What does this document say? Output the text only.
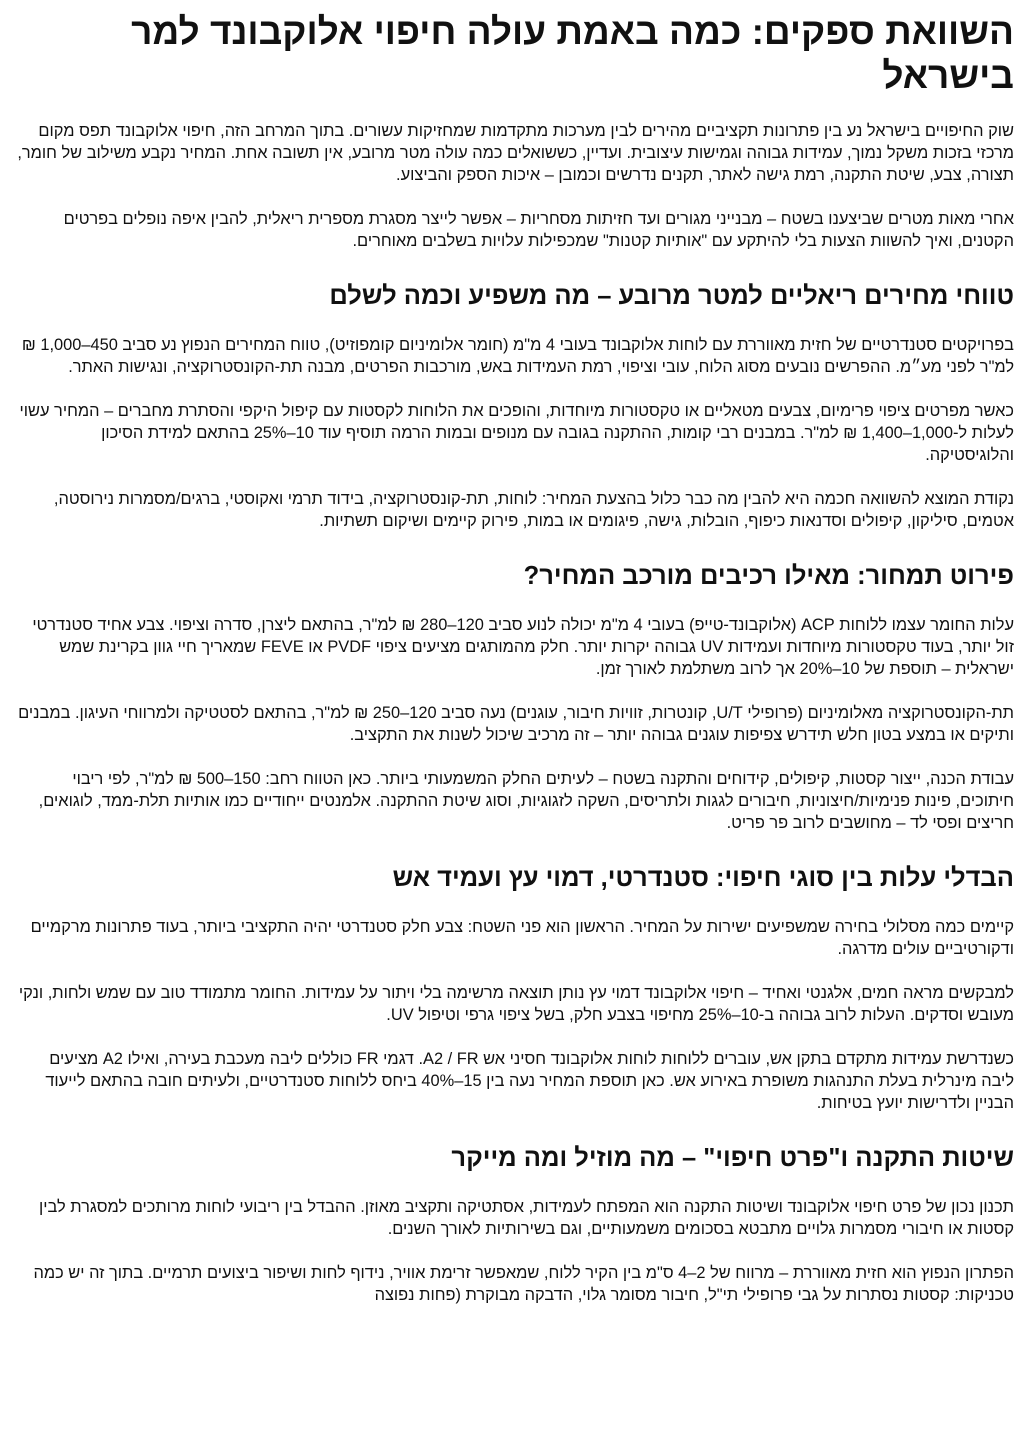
השוואת ספקים: כמה באמת עולה חיפוי אלוקבונד למר בישראל

שוק החיפויים בישראל נע בין פתרונות תקציביים מהירים לבין מערכות מתקדמות שמחזיקות עשורים. בתוך המרחב הזה, חיפוי אלוקבונד תפס מקום מרכזי בזכות משקל נמוך, עמידות גבוהה וגמישות עיצובית. ועדיין, כששואלים כמה עולה מטר מרובע, אין תשובה אחת. המחיר נקבע משילוב של חומר, תצורה, צבע, שיטת התקנה, רמת גישה לאתר, תקנים נדרשים וכמובן – איכות הספק והביצוע.

אחרי מאות מטרים שביצענו בשטח – מבנייני מגורים ועד חזיתות מסחריות – אפשר לייצר מסגרת מספרית ריאלית, להבין איפה נופלים בפרטים הקטנים, ואיך להשוות הצעות בלי להיתקע עם "אותיות קטנות" שמכפילות עלויות בשלבים מאוחרים.

טווחי מחירים ריאליים למטר מרובע – מה משפיע וכמה לשלם

בפרויקטים סטנדרטיים של חזית מאווררת עם לוחות אלוקבונד בעובי 4 מ"מ (חומר אלומיניום קומפוזיט), טווח המחירים הנפוץ נע סביב 450–1,000 ₪ למ"ר לפני מע״מ. ההפרשים נובעים מסוג הלוח, עובי וציפוי, רמת העמידות באש, מורכבות הפרטים, מבנה תת-הקונסטרוקציה, ונגישות האתר.

כאשר מפרטים ציפוי פרימיום, צבעים מטאליים או טקסטורות מיוחדות, והופכים את הלוחות לקסטות עם קיפול היקפי והסתרת מחברים – המחיר עשוי לעלות ל-1,000–1,400 ₪ למ"ר. במבנים רבי קומות, ההתקנה בגובה עם מנופים ובמות הרמה תוסיף עוד 10–25% בהתאם למידת הסיכון והלוגיסטיקה.

נקודת המוצא להשוואה חכמה היא להבין מה כבר כלול בהצעת המחיר: לוחות, תת-קונסטרוקציה, בידוד תרמי ואקוסטי, ברגים/מסמרות נירוסטה, אטמים, סיליקון, קיפולים וסדנאות כיפוף, הובלות, גישה, פיגומים או במות, פירוק קיימים ושיקום תשתיות.

פירוט תמחור: מאילו רכיבים מורכב המחיר?

עלות החומר עצמו ללוחות ACP (אלוקבונד-טייפ) בעובי 4 מ"מ יכולה לנוע סביב 120–280 ₪ למ"ר, בהתאם ליצרן, סדרה וציפוי. צבע אחיד סטנדרטי זול יותר, בעוד טקסטורות מיוחדות ועמידות UV גבוהה יקרות יותר. חלק מהמותגים מציעים ציפוי PVDF או FEVE שמאריך חיי גוון בקרינת שמש ישראלית – תוספת של 10–20% אך לרוב משתלמת לאורך זמן.

תת-הקונסטרוקציה מאלומיניום (פרופילי U/T, קונטרות, זוויות חיבור, עוגנים) נעה סביב 120–250 ₪ למ"ר, בהתאם לסטטיקה ולמרווחי העיגון. במבנים ותיקים או במצע בטון חלש תידרש צפיפות עוגנים גבוהה יותר – זה מרכיב שיכול לשנות את התקציב.

עבודת הכנה, ייצור קסטות, קיפולים, קידוחים והתקנה בשטח – לעיתים החלק המשמעותי ביותר. כאן הטווח רחב: 150–500 ₪ למ"ר, לפי ריבוי חיתוכים, פינות פנימיות/חיצוניות, חיבורים לגגות ולתריסים, השקה לזגוגיות, וסוג שיטת ההתקנה. אלמנטים ייחודיים כמו אותיות תלת-ממד, לוגואים, חריצים ופסי לד – מחושבים לרוב פר פריט.

הבדלי עלות בין סוגי חיפוי: סטנדרטי, דמוי עץ ועמיד אש

קיימים כמה מסלולי בחירה שמשפיעים ישירות על המחיר. הראשון הוא פני השטח: צבע חלק סטנדרטי יהיה התקציבי ביותר, בעוד פתרונות מרקמיים ודקורטיביים עולים מדרגה.

למבקשים מראה חמים, אלגנטי ואחיד – חיפוי אלוקבונד דמוי עץ נותן תוצאה מרשימה בלי ויתור על עמידות. החומר מתמודד טוב עם שמש ולחות, ונקי מעובש וסדקים. העלות לרוב גבוהה ב-10–25% מחיפוי בצבע חלק, בשל ציפוי גרפי וטיפול UV.

כשנדרשת עמידות מתקדם בתקן אש, עוברים ללוחות לוחות אלוקבונד חסיני אש A2 / FR. דגמי FR כוללים ליבה מעכבת בעירה, ואילו A2 מציעים ליבה מינרלית בעלת התנהגות משופרת באירוע אש. כאן תוספת המחיר נעה בין 15–40% ביחס ללוחות סטנדרטיים, ולעיתים חובה בהתאם לייעוד הבניין ולדרישות יועץ בטיחות.

שיטות התקנה ו"פרט חיפוי" – מה מוזיל ומה מייקר

תכנון נכון של פרט חיפוי אלוקבונד ושיטות התקנה הוא המפתח לעמידות, אסתטיקה ותקציב מאוזן. ההבדל בין ריבועי לוחות מרותכים למסגרת לבין קסטות או חיבורי מסמרות גלויים מתבטא בסכומים משמעותיים, וגם בשירותיות לאורך השנים.

הפתרון הנפוץ הוא חזית מאווררת – מרווח של 2–4 ס"מ בין הקיר ללוח, שמאפשר זרימת אוויר, נידוף לחות ושיפור ביצועים תרמיים. בתוך זה יש כמה טכניקות: קסטות נסתרות על גבי פרופילי תי"ל, חיבור מסומר גלוי, הדבקה מבוקרת (פחות נפוצה
